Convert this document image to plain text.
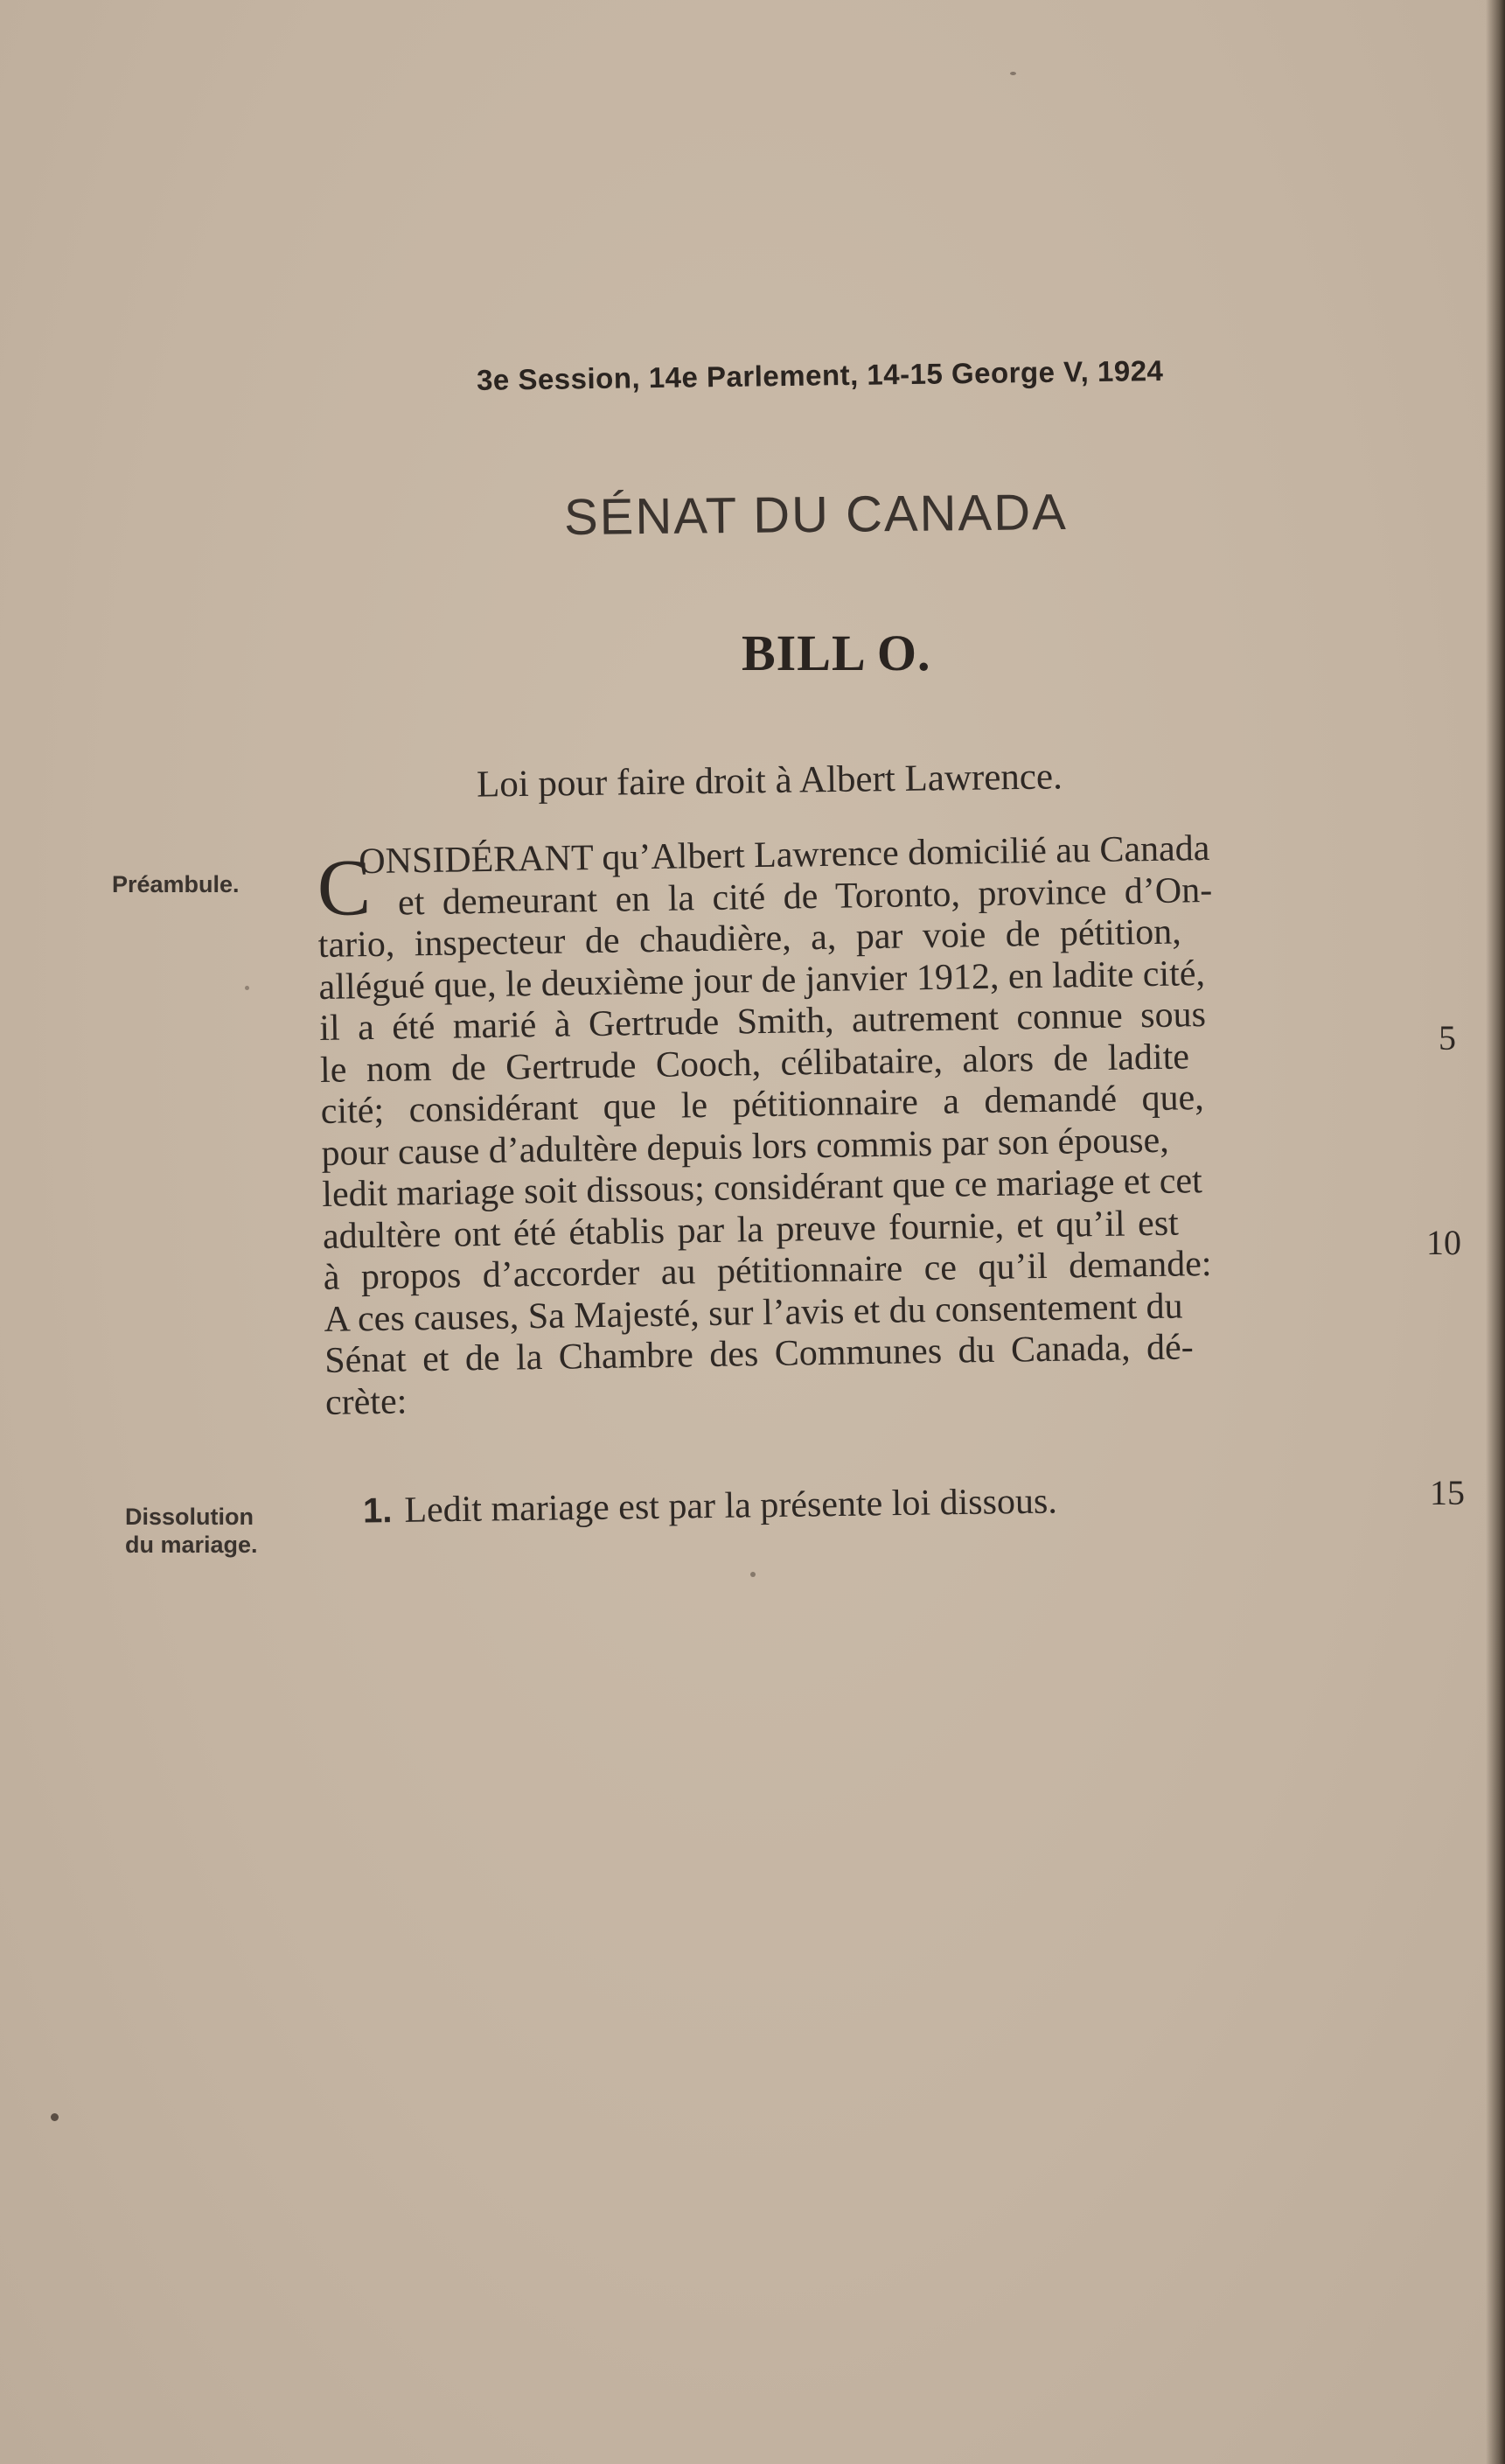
3e Session, 14e Parlement, 14-15 George V, 1924
SÉNAT DU CANADA
BILL O.
Loi pour faire droit à Albert Lawrence.
Préambule.
Dissolution
du mariage.
C
ONSIDÉRANT qu’Albert Lawrence domicilié au Canada
et demeurant en la cité de Toronto, province d’On-
tario, inspecteur de chaudière, a, par voie de pétition,
allégué que, le deuxième jour de janvier 1912, en ladite cité,
il a été marié à Gertrude Smith, autrement connue sous
le nom de Gertrude Cooch, célibataire, alors de ladite
cité; considérant que le pétitionnaire a demandé que,
pour cause d’adultère depuis lors commis par son épouse,
ledit mariage soit dissous; considérant que ce mariage et cet
adultère ont été établis par la preuve fournie, et qu’il est
à propos d’accorder au pétitionnaire ce qu’il demande:
A ces causes, Sa Majesté, sur l’avis et du consentement du
Sénat et de la Chambre des Communes du Canada, dé-
crète:
5
10
15
1. Ledit mariage est par la présente loi dissous.
